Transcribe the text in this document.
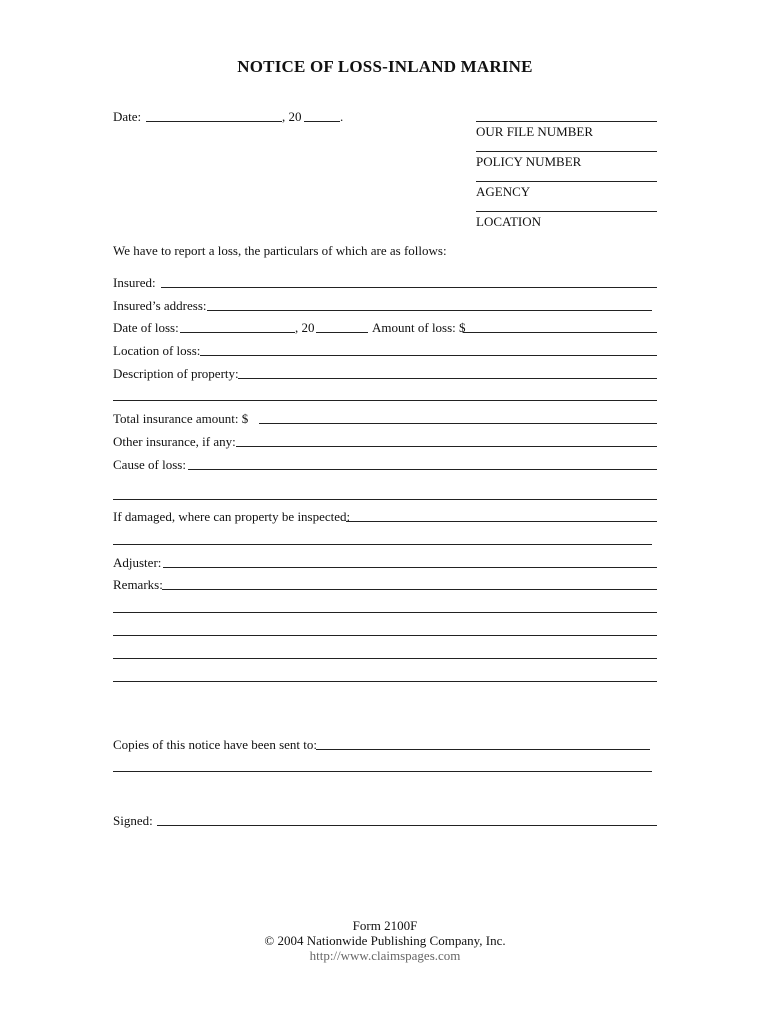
NOTICE OF LOSS-INLAND MARINE
Date:	, 20	.
OUR FILE NUMBER
POLICY NUMBER
AGENCY
LOCATION
We have to report a loss, the particulars of which are as follows:
Insured:
Insured’s address:
Date of loss:	, 20	Amount of loss: $
Location of loss:
Description of property:
Total insurance amount: $
Other insurance, if any:
Cause of loss:
If damaged, where can property be inspected:
Adjuster:
Remarks:
Copies of this notice have been sent to:
Signed:
Form 2100F
© 2004 Nationwide Publishing Company, Inc.
http://www.claimspages.com
